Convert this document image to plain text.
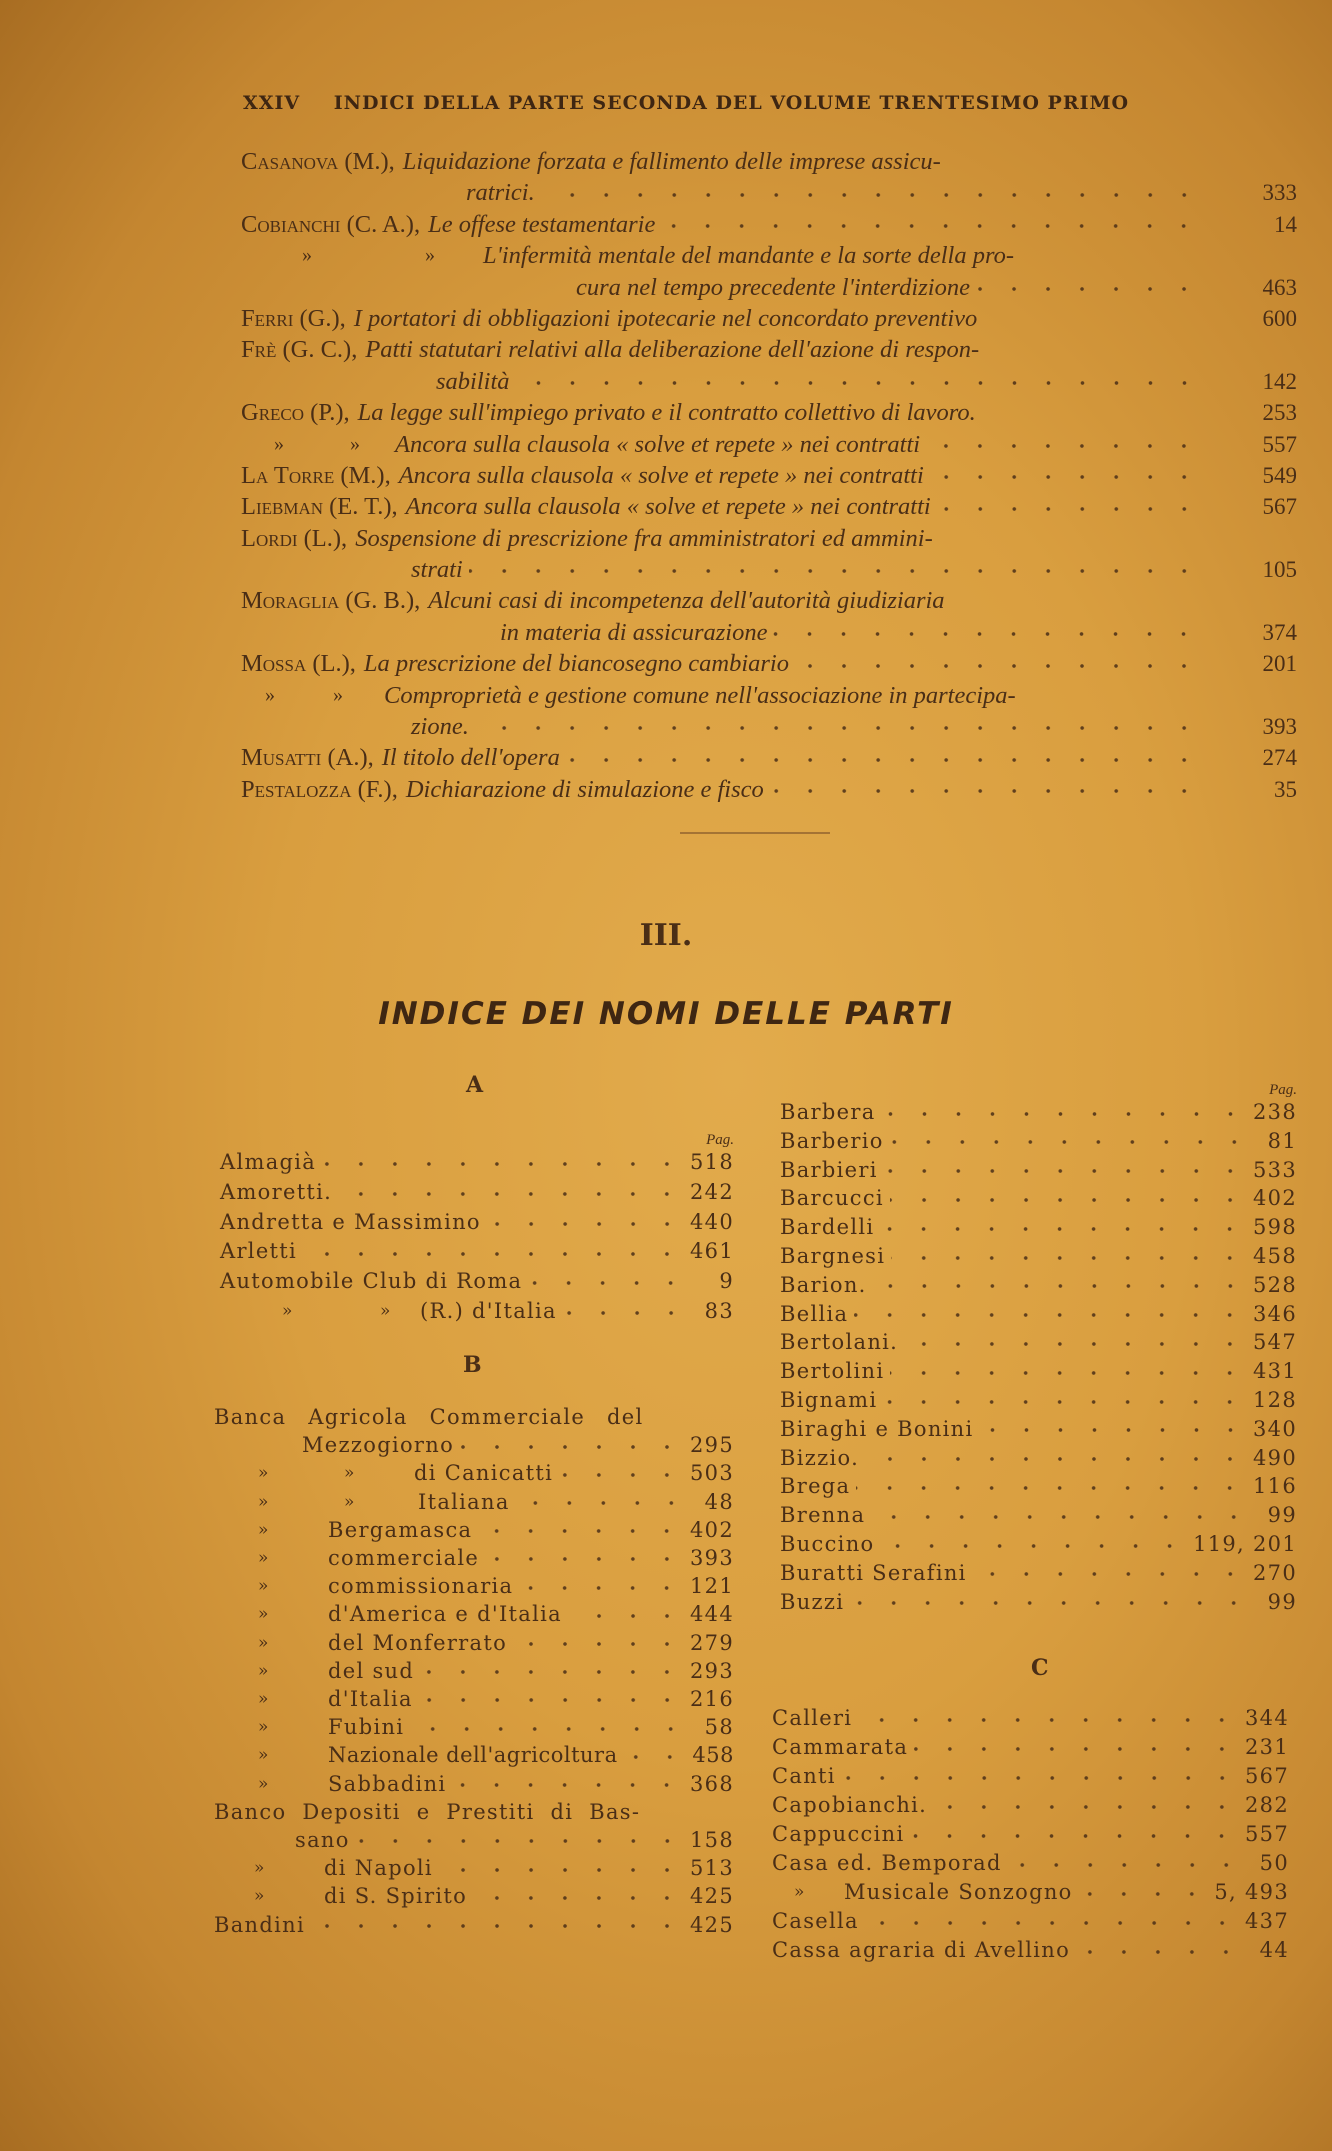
XXIV INDICI DELLA PARTE SECONDA DEL VOLUME TRENTESIMO PRIMO
Casanova (M.), Liquidazione forzata e fallimento delle imprese assicu-
ratrici.	333
Cobianchi (C. A.), Le offese testamentarie	14
»	» L'infermità mentale del mandante e la sorte della pro-
cura nel tempo precedente l'interdizione	463
Ferri (G.), I portatori di obbligazioni ipotecarie nel concordato preventivo	600
Frè (G. C.), Patti statutari relativi alla deliberazione dell'azione di respon-
sabilità	142
Greco (P.), La legge sull'impiego privato e il contratto collettivo di lavoro.	253
»	» Ancora sulla clausola « solve et repete » nei contratti	557
La Torre (M.), Ancora sulla clausola « solve et repete » nei contratti	549
Liebman (E. T.), Ancora sulla clausola « solve et repete » nei contratti	567
Lordi (L.), Sospensione di prescrizione fra amministratori ed ammini-
strati	105
Moraglia (G. B.), Alcuni casi di incompetenza dell'autorità giudiziaria
in materia di assicurazione	374
Mossa (L.), La prescrizione del biancosegno cambiario	201
»	» Comproprietà e gestione comune nell'associazione in partecipa-
zione.	393
Musatti (A.), Il titolo dell'opera	274
Pestalozza (F.), Dichiarazione di simulazione e fisco	35
III.
INDICE DEI NOMI DELLE PARTI
A
Pag.
Almagià	518
Amoretti.	242
Andretta e Massimino	440
Arletti	461
Automobile Club di Roma	9
»	» (R.) d'Italia	83
B
Banca Agricola Commerciale del
Mezzogiorno	295
»	»	di Canicatti	503
»	»	Italiana	48
»	Bergamasca	402
»	commerciale	393
»	commissionaria	121
»	d'America e d'Italia	444
»	del Monferrato	279
»	del sud	293
»	d'Italia	216
»	Fubini	58
»	Nazionale dell'agricoltura	458
»	Sabbadini	368
Banco Depositi e Prestiti di Bas-
sano	158
»	di Napoli	513
»	di S. Spirito	425
Bandini	425
Pag.
Barbera	238
Barberio	81
Barbieri	533
Barcucci	402
Bardelli	598
Bargnesi	458
Barion.	528
Bellia	346
Bertolani.	547
Bertolini	431
Bignami	128
Biraghi e Bonini	340
Bizzio.	490
Brega	116
Brenna	99
Buccino	119, 201
Buratti Serafini	270
Buzzi	99
C
Calleri	344
Cammarata	231
Canti	567
Capobianchi.	282
Cappuccini	557
Casa ed. Bemporad	50
» Musicale Sonzogno	5, 493
Casella	437
Cassa agraria di Avellino	44
